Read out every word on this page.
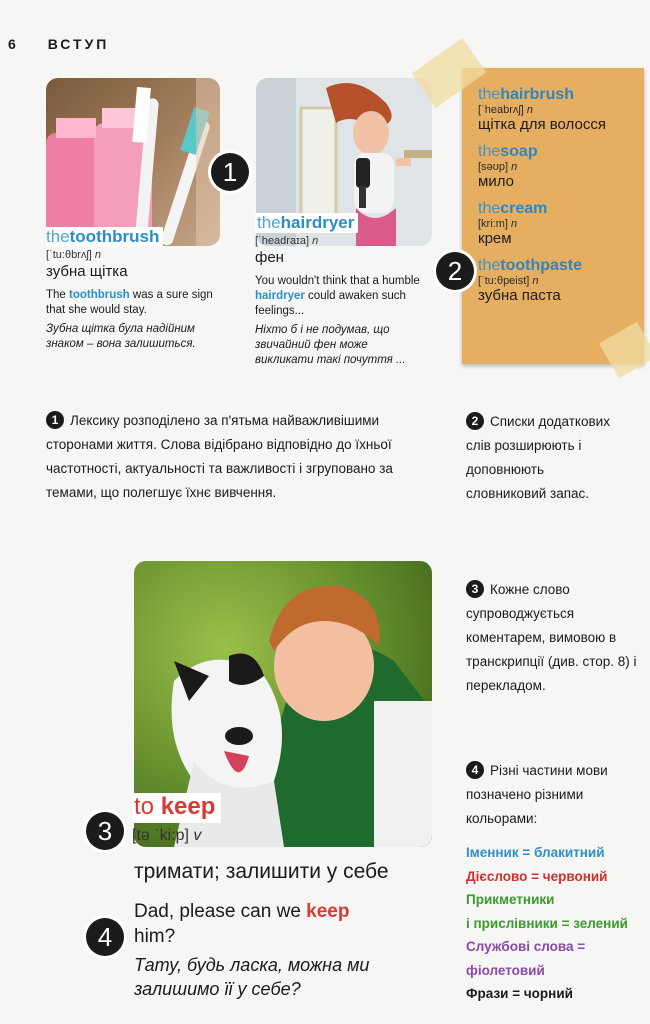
6 ВСТУП
1
thetoothbrush
[ˈtu:θbrʌʃ] n
зубна щітка
The toothbrush was a sure sign that she would stay.
Зубна щітка була надійним знаком – вона залишиться.
thehairdryer
[ˈheadraɪa] n
фен
You wouldn't think that a humble hairdryer could awaken such feelings...
Ніхто б і не подумав, що звичайний фен може викликати такі почуття ...
thehairbrush
[ˈheabrʌʃ] n
щітка для волосся
thesoap
[səʊp] n
мило
thecream
[kri:m] n
крем
thetoothpaste
[ˈtu:θpeist] n
зубна паста
2
1 Лексику розподілено за п'ятьма найважливішими сторонами життя. Слова відібрано відповідно до їхньої частотності, актуальності та важливості і згруповано за темами, що полегшує їхнє вивчення.
2 Списки додаткових слів розширюють і доповнюють словниковий запас.
3 Кожне слово супроводжується коментарем, вимовою в транскрипції (див. стор. 8) і перекладом.
to keep
[tə ˈki:p] v
3
тримати; залишити у себе
4
Dad, please can we keep him?
Тату, будь ласка, можна ми залишимо її у себе?
4 Різні частини мови позначено різними кольорами:
Іменник = блакитний
Дієслово = червоний
Прикметники
і прислівники = зелений
Службові слова =
фіолетовий
Фрази = чорний
